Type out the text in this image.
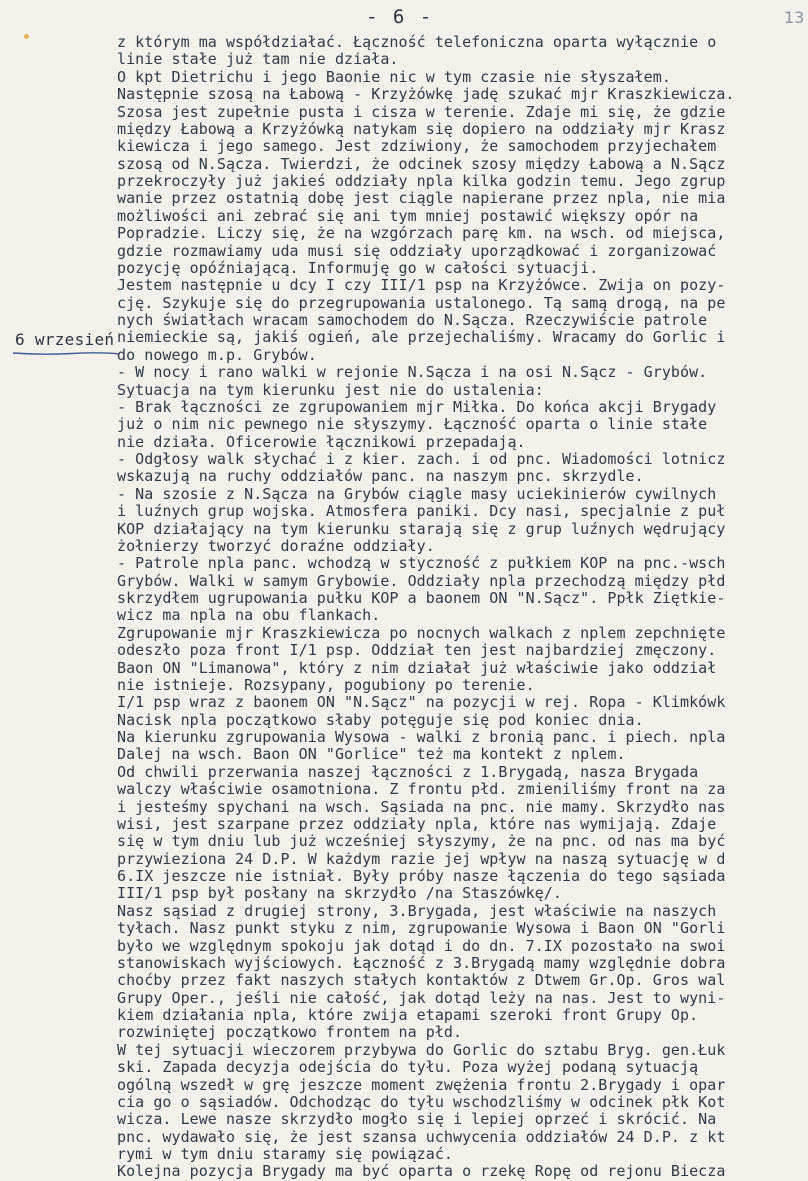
- 6 -	13
6 wrzesień
z którym ma współdziałać. Łączność telefoniczna oparta wyłącznie o
linie stałe już tam nie działa.
O kpt Dietrichu i jego Baonie nic w tym czasie nie słyszałem.
Następnie szosą na Łabową - Krzyżówkę jadę szukać mjr Kraszkiewicza.
Szosa jest zupełnie pusta i cisza w terenie. Zdaje mi się, że gdzie
między Łabową a Krzyżówką natykam się dopiero na oddziały mjr Krasz
kiewicza i jego samego. Jest zdziwiony, że samochodem przyjechałem
szosą od N.Sącza. Twierdzi, że odcinek szosy między Łabową a N.Sącz
przekroczyły już jakieś oddziały npla kilka godzin temu. Jego zgrup
wanie przez ostatnią dobę jest ciągle napierane przez npla, nie mia
możliwości ani zebrać się ani tym mniej postawić większy opór na
Popradzie. Liczy się, że na wzgórzach parę km. na wsch. od miejsca,
gdzie rozmawiamy uda musi się oddziały uporządkować i zorganizować
pozycję opóźniającą. Informuję go w całości sytuacji.
Jestem następnie u dcy I czy III/1 psp na Krzyżówce. Zwija on pozy-
cję. Szykuje się do przegrupowania ustalonego. Tą samą drogą, na pe
nych światłach wracam samochodem do N.Sącza. Rzeczywiście patrole
niemieckie są, jakiś ogień, ale przejechaliśmy. Wracamy do Gorlic i
do nowego m.p. Grybów.
- W nocy i rano walki w rejonie N.Sącza i na osi N.Sącz - Grybów.
Sytuacja na tym kierunku jest nie do ustalenia:
- Brak łączności ze zgrupowaniem mjr Miłka. Do końca akcji Brygady
już o nim nic pewnego nie słyszymy. Łączność oparta o linie stałe
nie działa. Oficerowie łącznikowi przepadają.
- Odgłosy walk słychać i z kier. zach. i od pnc. Wiadomości lotnicz
wskazują na ruchy oddziałów panc. na naszym pnc. skrzydle.
- Na szosie z N.Sącza na Grybów ciągle masy uciekinierów cywilnych
i luźnych grup wojska. Atmosfera paniki. Dcy nasi, specjalnie z puł
KOP działający na tym kierunku starają się z grup luźnych wędrujący
żołnierzy tworzyć doraźne oddziały.
- Patrole npla panc. wchodzą w styczność z pułkiem KOP na pnc.-wsch
Grybów. Walki w samym Grybowie. Oddziały npla przechodzą między płd
skrzydłem ugrupowania pułku KOP a baonem ON "N.Sącz". Ppłk Ziętkie-
wicz ma npla na obu flankach.
Zgrupowanie mjr Kraszkiewicza po nocnych walkach z nplem zepchnięte
odeszło poza front I/1 psp. Oddział ten jest najbardziej zmęczony.
Baon ON "Limanowa", który z nim działał już właściwie jako oddział
nie istnieje. Rozsypany, pogubiony po terenie.
I/1 psp wraz z baonem ON "N.Sącz" na pozycji w rej. Ropa - Klimkówk
Nacisk npla początkowo słaby potęguje się pod koniec dnia.
Na kierunku zgrupowania Wysowa - walki z bronią panc. i piech. npla
Dalej na wsch. Baon ON "Gorlice" też ma kontekt z nplem.
Od chwili przerwania naszej łączności z 1.Brygadą, nasza Brygada
walczy właściwie osamotniona. Z frontu płd. zmieniliśmy front na za
i jesteśmy spychani na wsch. Sąsiada na pnc. nie mamy. Skrzydło nas
wisi, jest szarpane przez oddziały npla, które nas wymijają. Zdaje
się w tym dniu lub już wcześniej słyszymy, że na pnc. od nas ma być
przywieziona 24 D.P. W każdym razie jej wpływ na naszą sytuację w d
6.IX jeszcze nie istniał. Były próby nasze łączenia do tego sąsiada
III/1 psp był posłany na skrzydło /na Staszówkę/.
Nasz sąsiad z drugiej strony, 3.Brygada, jest właściwie na naszych
tyłach. Nasz punkt styku z nim, zgrupowanie Wysowa i Baon ON "Gorli
było we względnym spokoju jak dotąd i do dn. 7.IX pozostało na swoi
stanowiskach wyjściowych. Łączność z 3.Brygadą mamy względnie dobra
choćby przez fakt naszych stałych kontaktów z Dtwem Gr.Op. Gros wal
Grupy Oper., jeśli nie całość, jak dotąd leży na nas. Jest to wyni-
kiem działania npla, które zwija etapami szeroki front Grupy Op.
rozwiniętej początkowo frontem na płd.
W tej sytuacji wieczorem przybywa do Gorlic do sztabu Bryg. gen.Łuk
ski. Zapada decyzja odejścia do tyłu. Poza wyżej podaną sytuacją
ogólną wszedł w grę jeszcze moment zwężenia frontu 2.Brygady i opar
cia go o sąsiadów. Odchodząc do tyłu wschodzliśmy w odcinek płk Kot
wicza. Lewe nasze skrzydło mogło się i lepiej oprzeć i skrócić. Na
pnc. wydawało się, że jest szansa uchwycenia oddziałów 24 D.P. z kt
rymi w tym dniu staramy się powiązać.
Kolejna pozycja Brygady ma być oparta o rzekę Ropę od rejonu Biecza
